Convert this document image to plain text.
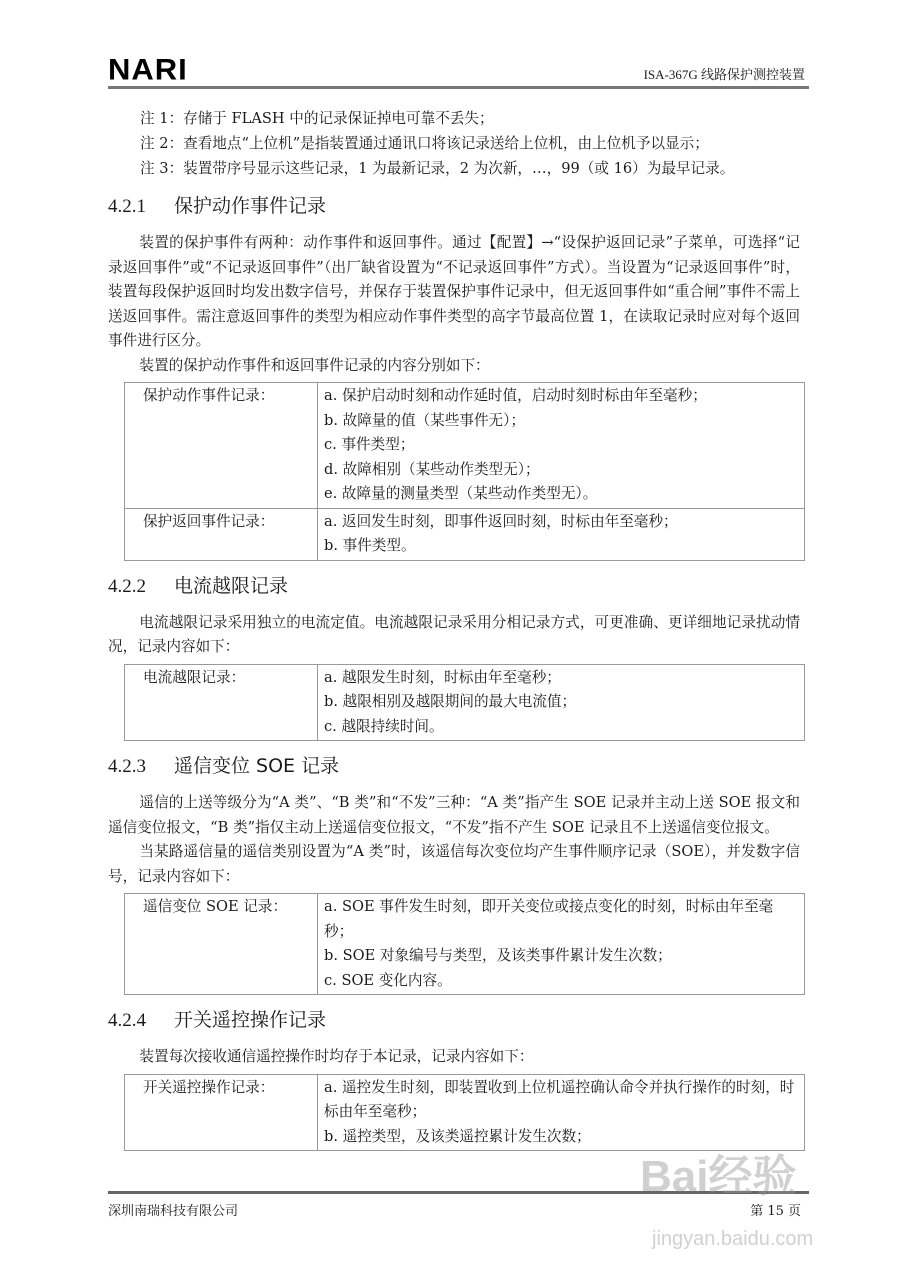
NARI	ISA-367G 线路保护测控装置
注 1：存储于 FLASH 中的记录保证掉电可靠不丢失；
注 2：查看地点“上位机”是指装置通过通讯口将该记录送给上位机，由上位机予以显示；
注 3：装置带序号显示这些记录，1 为最新记录，2 为次新，…，99（或 16）为最早记录。
4.2.1 保护动作事件记录

装置的保护事件有两种：动作事件和返回事件。通过【配置】→“设保护返回记录”子菜单，可选择“记录返回事件”或“不记录返回事件”（出厂缺省设置为“不记录返回事件”方式）。当设置为“记录返回事件”时，装置每段保护返回时均发出数字信号，并保存于装置保护事件记录中，但无返回事件如“重合闸”事件不需上送返回事件。需注意返回事件的类型为相应动作事件类型的高字节最高位置 1，在读取记录时应对每个返回事件进行区分。

装置的保护动作事件和返回事件记录的内容分别如下：

保护动作事件记录：	a. 保护启动时刻和动作延时值，启动时刻时标由年至毫秒；
b. 故障量的值（某些事件无）；
c. 事件类型；
d. 故障相别（某些动作类型无）；
e. 故障量的测量类型（某些动作类型无）。

保护返回事件记录：	a. 返回发生时刻，即事件返回时刻，时标由年至毫秒；
b. 事件类型。
4.2.2 电流越限记录

电流越限记录采用独立的电流定值。电流越限记录采用分相记录方式，可更准确、更详细地记录扰动情况，记录内容如下：

电流越限记录：	a. 越限发生时刻，时标由年至毫秒；
b. 越限相别及越限期间的最大电流值；
c. 越限持续时间。
4.2.3 遥信变位 SOE 记录

遥信的上送等级分为“A 类”、“B 类”和“不发”三种：“A 类”指产生 SOE 记录并主动上送 SOE 报文和遥信变位报文，“B 类”指仅主动上送遥信变位报文，“不发”指不产生 SOE 记录且不上送遥信变位报文。

当某路遥信量的遥信类别设置为“A 类”时，该遥信每次变位均产生事件顺序记录（SOE），并发数字信号，记录内容如下：

遥信变位 SOE 记录：	a. SOE 事件发生时刻，即开关变位或接点变化的时刻，时标由年至毫秒；
b. SOE 对象编号与类型，及该类事件累计发生次数；
c. SOE 变化内容。
4.2.4 开关遥控操作记录

装置每次接收通信遥控操作时均存于本记录，记录内容如下：

开关遥控操作记录：	a. 遥控发生时刻，即装置收到上位机遥控确认命令并执行操作的时刻，时标由年至毫秒；
b. 遥控类型，及该类遥控累计发生次数；
深圳南瑞科技有限公司	第 15 页
Bai经验
jingyan.baidu.com
